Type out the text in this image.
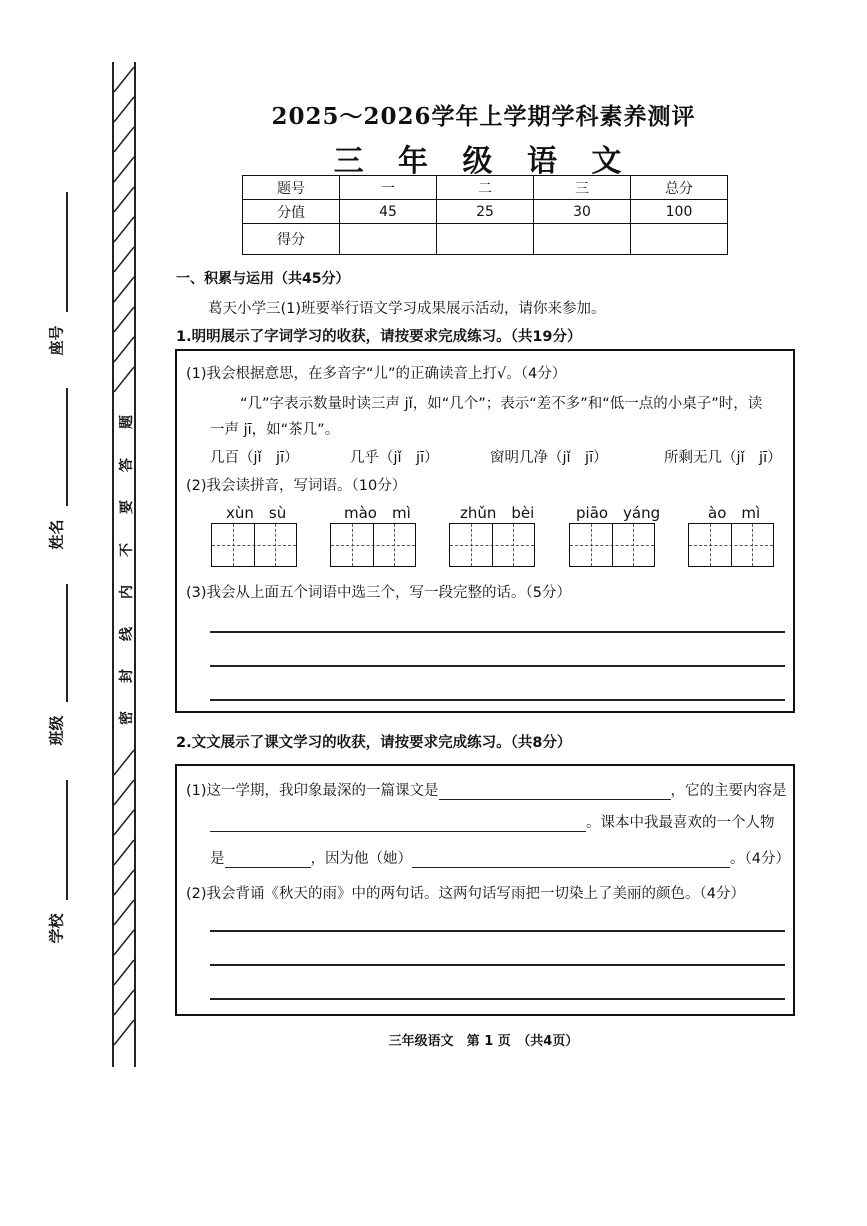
题
答
要
不
内
线
封
密
座号
姓名
班级
学校
2025～2026学年上学期学科素养测评
三 年 级 语 文
题号	一	二	三	总分
分值	45	25	30	100
得分				
一、积累与运用（共45分）
葛天小学三(1)班要举行语文学习成果展示活动，请你来参加。
1.明明展示了字词学习的收获，请按要求完成练习。（共19分）
(1)我会根据意思，在多音字“儿”的正确读音上打√。（4分）
“几”字表示数量时读三声 jǐ，如“几个”；表示“差不多”和“低一点的小桌子”时，读
一声 jī，如“茶几”。
几百（jǐ　jī）	几乎（jǐ　jī）	窗明几净（jǐ　jī）	所剩无几（jǐ　jī）
(2)我会读拼音，写词语。（10分）
xùn　sù	mào　mì	zhǔn　bèi	piāo　yáng	ào　mì
(3)我会从上面五个词语中选三个，写一段完整的话。（5分）
2.文文展示了课文学习的收获，请按要求完成练习。（共8分）
(1)这一学期，我印象最深的一篇课文是	，它的主要内容是
。课本中我最喜欢的一个人物
是	，因为他（她）	。（4分）
(2)我会背诵《秋天的雨》中的两句话。这两句话写雨把一切染上了美丽的颜色。（4分）
三年级语文　第 1 页　（共4页）
